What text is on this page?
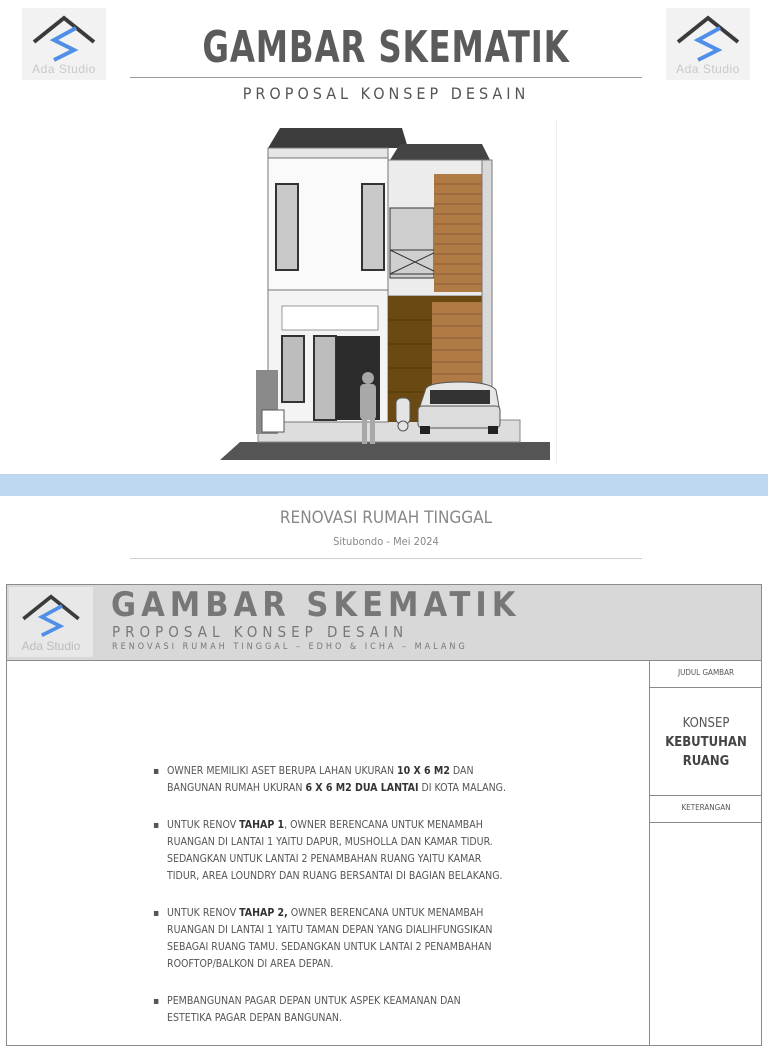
Ada Studio	Ada Studio
GAMBAR SKEMATIK
PROPOSAL KONSEP DESAIN
RENOVASI RUMAH TINGGAL
Situbondo - Mei 2024
Ada Studio
GAMBAR SKEMATIK
PROPOSAL KONSEP DESAIN
RENOVASI RUMAH TINGGAL – EDHO & ICHA – MALANG
JUDUL GAMBAR
KONSEP
KEBUTUHAN
RUANG
KETERANGAN
▪ OWNER MEMILIKI ASET BERUPA LAHAN UKURAN 10 X 6 M2 DAN BANGUNAN RUMAH UKURAN 6 X 6 M2 DUA LANTAI DI KOTA MALANG.
▪ UNTUK RENOV TAHAP 1, OWNER BERENCANA UNTUK MENAMBAH RUANGAN DI LANTAI 1 YAITU DAPUR, MUSHOLLA DAN KAMAR TIDUR. SEDANGKAN UNTUK LANTAI 2 PENAMBAHAN RUANG YAITU KAMAR TIDUR, AREA LOUNDRY DAN RUANG BERSANTAI DI BAGIAN BELAKANG.
▪ UNTUK RENOV TAHAP 2, OWNER BERENCANA UNTUK MENAMBAH RUANGAN DI LANTAI 1 YAITU TAMAN DEPAN YANG DIALIHFUNGSIKAN SEBAGAI RUANG TAMU. SEDANGKAN UNTUK LANTAI 2 PENAMBAHAN ROOFTOP/BALKON DI AREA DEPAN.
▪ PEMBANGUNAN PAGAR DEPAN UNTUK ASPEK KEAMANAN DAN ESTETIKA PAGAR DEPAN BANGUNAN.
